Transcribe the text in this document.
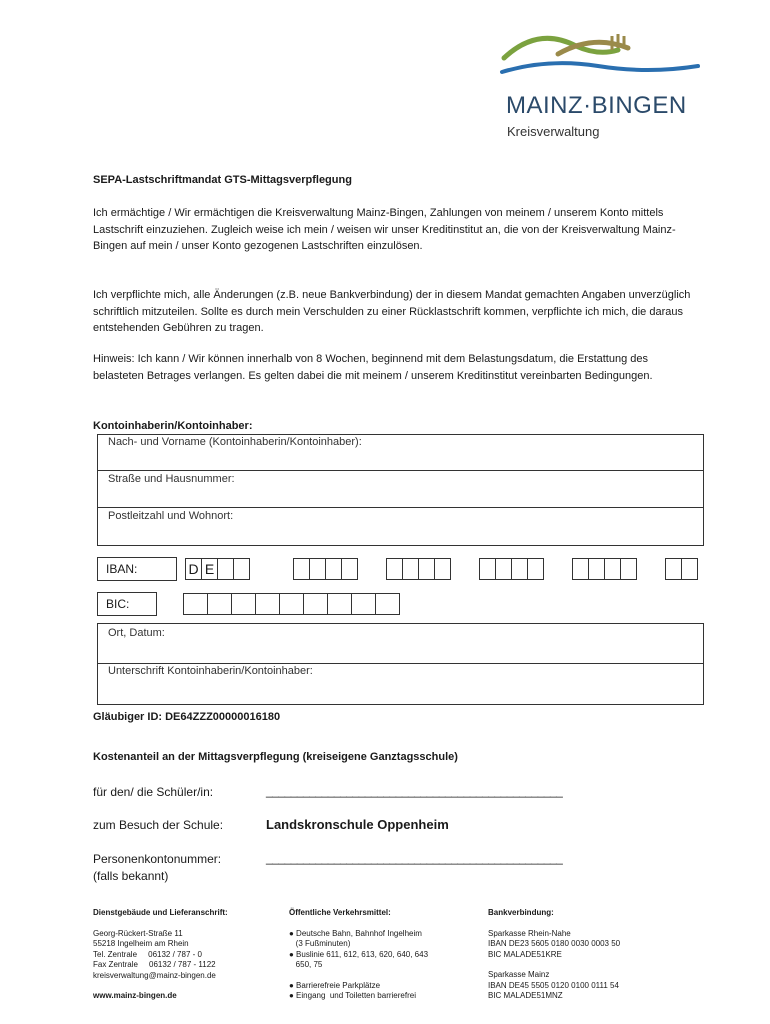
MAINZ·BINGEN
Kreisverwaltung
SEPA-Lastschriftmandat GTS-Mittagsverpflegung
Ich ermächtige / Wir ermächtigen die Kreisverwaltung Mainz-Bingen, Zahlungen von meinem / unserem Konto mittels Lastschrift einzuziehen. Zugleich weise ich mein / weisen wir unser Kreditinstitut an, die von der Kreisverwaltung Mainz-Bingen auf mein / unser Konto gezogenen Lastschriften einzulösen.
Ich verpflichte mich, alle Änderungen (z.B. neue Bankverbindung) der in diesem Mandat gemachten Angaben unverzüglich schriftlich mitzuteilen. Sollte es durch mein Verschulden zu einer Rücklastschrift kommen, verpflichte ich mich, die daraus entstehenden Gebühren zu tragen.
Hinweis: Ich kann / Wir können innerhalb von 8 Wochen, beginnend mit dem Belastungsdatum, die Erstattung des belasteten Betrages verlangen. Es gelten dabei die mit meinem / unserem Kreditinstitut vereinbarten Bedingungen.
Kontoinhaberin/Kontoinhaber:
Nach- und Vorname (Kontoinhaberin/Kontoinhaber):
Straße und Hausnummer:
Postleitzahl und Wohnort:
IBAN:	D E
BIC:
Ort, Datum:
Unterschrift Kontoinhaberin/Kontoinhaber:
Gläubiger ID: DE64ZZZ00000016180
Kostenanteil an der Mittagsverpflegung (kreiseigene Ganztagsschule)
für den/ die Schüler/in:	________________________________________________
zum Besuch der Schule:	Landskronschule Oppenheim
Personenkontonummer:
(falls bekannt)
________________________________________________
Dienstgebäude und Lieferanschrift:
Georg-Rückert-Straße 11
55218 Ingelheim am Rhein
Tel. Zentrale     06132 / 787 - 0
Fax Zentrale     06132 / 787 - 1122
kreisverwaltung@mainz-bingen.de
www.mainz-bingen.de
Öffentliche Verkehrsmittel:
● Deutsche Bahn, Bahnhof Ingelheim
(3 Fußminuten)
● Buslinie 611, 612, 613, 620, 640, 643
650, 75
● Barrierefreie Parkplätze
● Eingang  und Toiletten barrierefrei
Bankverbindung:
Sparkasse Rhein-Nahe
IBAN DE23 5605 0180 0030 0003 50
BIC MALADE51KRE
Sparkasse Mainz
IBAN DE45 5505 0120 0100 0111 54
BIC MALADE51MNZ
